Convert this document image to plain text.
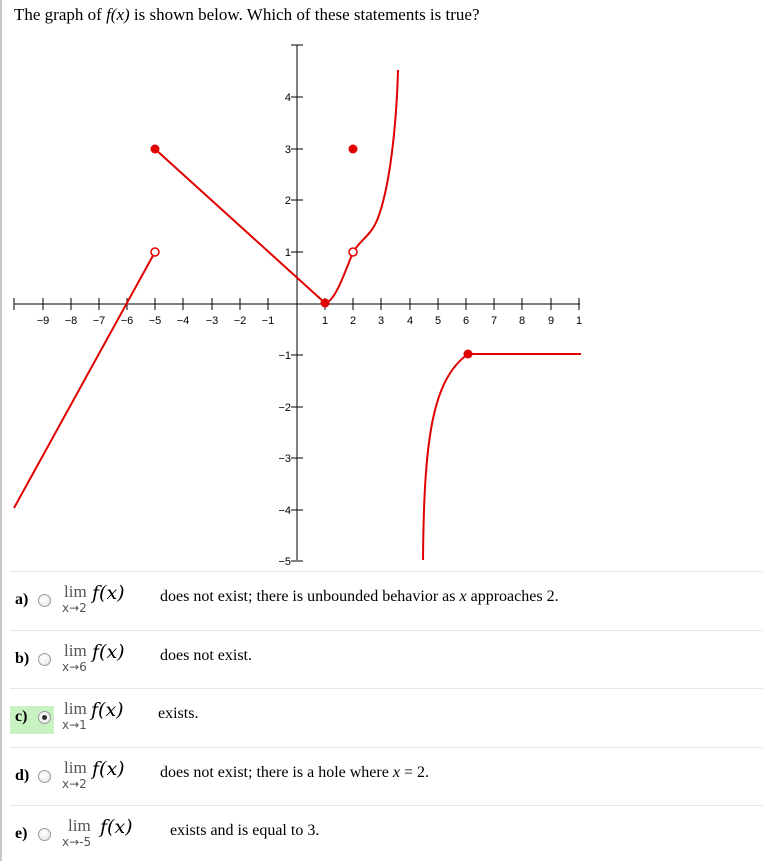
The graph of f(x) is shown below. Which of these statements is true?
−9 −8 −7 −6 −5 −4 −3 −2 −1	1 2 3 4 5 6 7 8 9 1
1
2
3
4
−1
−2
−3
−4
−5
a) lim
x→2
f(x) does not exist; there is unbounded behavior as x approaches 2.
b) lim
x→6
f(x) does not exist.
c) lim
x→1
f(x) exists.
d) lim
x→2
f(x) does not exist; there is a hole where x = 2.
e) lim
x→-5
f(x) exists and is equal to 3.
